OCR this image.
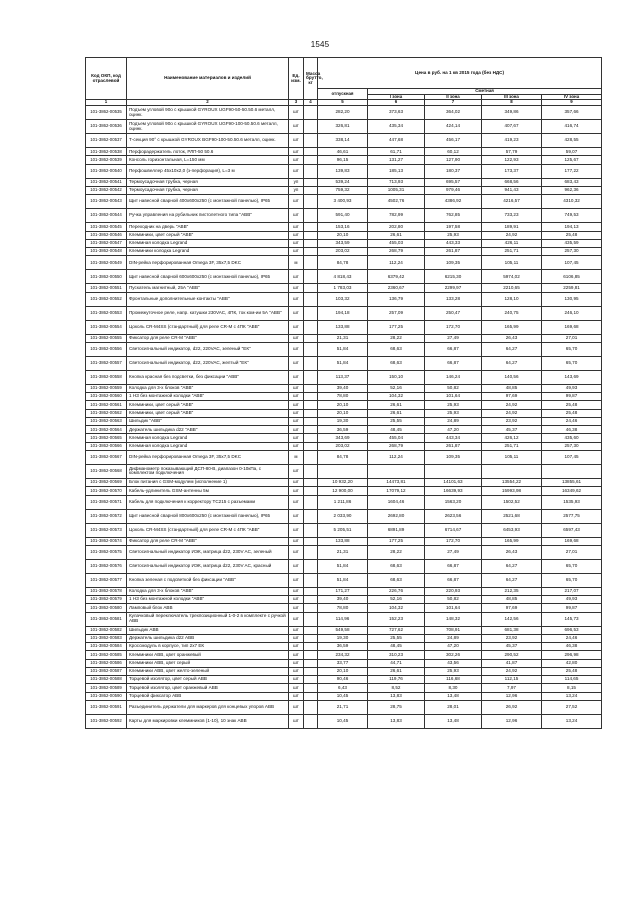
1545
Код ОКП, код отраслевой	Наименование материалов и изделий	Ед. изм.	Масса брутто, кг	Цена в руб. на 1 кв 2015 года (без НДС)				
				отпускная	Сметная			
					I зона	II зона	III зона	IV зона
1	2	3	4	5	6	7	8	9
101-3862-00535	Подъем угловой 90о с крышкой GYROUX UGF90-50-50.50.6 металл, оцинк.	шт		282,20	373,63	364,02	349,86	357,66
101-3862-00536	Подъем угловой 90о с крышкой GYROUX UGF90-100-50.50.6 металл, оцинк.	шт		326,81	435,34	424,14	407,67	416,74
101-3862-00537	Т-секция 90° с крышкой GYROUX BGF90-100-50.50.6 металл, оцинк.	шт		338,14	447,68	456,17	419,23	428,55
101-3862-00538	Перфорадержатель лоток, РЛП-50 50.6	шт		46,61	61,71	60,12	57,79	59,07
101-3862-00539	Консоль горизонтальная, L=150 мм	шт		96,15	131,27	127,90	122,93	125,67
101-3862-00540	Перфошвеллер 45х10х2,0 (з-перфорация), L=3 м	шт		139,83	185,13	180,37	173,37	177,22
101-3862-00541	Термоусадочная трубка, черная	уп		539,24	713,93	695,57	668,56	683,43
101-3862-00542	Термоусадочная трубка, черная	уп		759,32	1005,31	979,46	941,43	962,36
101-3862-00543	Щит навесной сварной 400х600х250 (с монтажной панелью), IP65	шт		3 400,93	4502,76	4386,92	4216,57	4310,32
101-3862-00544	Ручка управления на рубильник пистолетного типа "АВВ"	шт		591,40	782,99	762,85	733,23	749,53
101-3862-00545	Переходник на дверь "АВВ"	шт		153,16	202,80	197,58	189,91	194,13
101-3862-00546	Клеммники, цвет серый "АВВ"	шт		20,10	26,61	25,93	24,92	25,48
101-3862-00547	Клеммная колодка Legrand	шт		343,59	455,03	443,33	426,11	435,59
101-3862-00548	Клеммники колодка Legrand	шт		203,02	268,79	261,87	251,71	257,30
101-3862-00549	DIN-рейка перфорированная Omega 3F, 35х7,5 DKC	м		84,78	112,24	109,35	105,11	107,45
101-3862-00550	Щит навесной сварной 600х600х250 (с монтажной панелью), IP65	шт		4 818,43	6379,42	6215,30	5974,02	6106,85
101-3862-00551	Пускатель магнитный, 25А "АВВ"	шт		1 783,03	2360,67	2299,97	2210,65	2259,81
101-3862-00552	Фронтальные дополнительные контакты "АВВ"	шт		103,32	136,79	133,28	128,10	130,95
101-3862-00553	Промежуточное реле, напр. катушки 230VAC, 4ПК, ток ком-ии 5А "АВВ"	шт		194,18	257,09	250,47	240,75	246,10
101-3862-00554	Цоколь CR-M4SS (стандартный) для реле CR-M с 4ПК "АВВ"	шт		133,88	177,25	172,70	165,99	169,68
101-3862-00555	Фиксатор для реле CR-M "АВВ"	шт		21,31	28,22	27,49	26,43	27,01
101-3862-00556	Светосигнальный индикатор, d22, 220VAC, зеленый "ЕК"	шт		51,84	68,63	66,87	64,27	65,70
101-3862-00557	Светосигнальный индикатор, d22, 220VAC, желтый "ЕК"	шт		51,84	68,63	66,87	64,27	65,70
101-3862-00558	Кнопка красная без подсветки, без фиксации "АВВ"	шт		113,37	150,10	146,24	140,56	143,69
101-3862-00559	Колодка для 3-х блоков "АВВ"	шт		39,40	52,16	50,82	48,85	49,93
101-3862-00560	1 НЗ без монтажной колодки "АВВ"	шт		78,80	104,32	101,64	97,69	99,87
101-3862-00561	Клеммники, цвет серый "АВВ"	шт		20,10	26,61	25,93	24,92	25,48
101-3862-00562	Клеммники, цвет серый "АВВ"	шт		20,10	26,61	25,93	24,92	25,48
101-3862-00563	Шильдик "АВВ"	шт		19,30	25,55	24,89	23,92	24,46
101-3862-00564	Держатель шильдика d22 "АВВ"	шт		36,59	48,45	47,20	45,37	46,38
101-3862-00565	Клеммная колодка Legrand	шт		343,69	455,04	443,34	426,12	435,60
101-3862-00566	Клеммная колодка Legrand	шт		203,02	268,79	261,87	251,71	257,30
101-3862-00567	DIN-рейка перфорированная Omega 3F, 35х7,5 DKC	м		84,78	112,24	109,35	105,11	107,45
101-3862-00568	Дифманометр показывающий ДСП-80-В, диапазон 0-10кПа, с комплектом подключения	шт						
101-3862-00569	Блок питания с GSM-модулем (исполнение 1)	шт		10 932,20	14473,81	14101,63	13554,22	13855,61
101-3862-00570	Кабель-удлинитель GSM-антенны 5м	шт		12 900,00	17079,12	16639,93	15993,98	16349,62
101-3862-00571	Кабель для подключения к корректору ТС215 с разъемами	шт		1 211,86	1604,46	1563,20	1502,52	1535,93
101-3862-00572	Щит навесной сварной 800х600х250 (с монтажной панелью), IP65	шт		2 033,90	2692,80	2623,56	2521,68	2577,75
101-3862-00573	Цоколь CR-M4SS (стандартный) для реле CR-M с 4ПК "АВВ"	шт		5 205,51	6891,89	6714,67	6453,93	6597,43
101-3862-00574	Фиксатор для реле CR-M "АВВ"	шт		133,88	177,25	172,70	165,99	169,68
101-3862-00575	Светосигнальный индикатор ИЭК, матрица d22, 230V AC, зеленый	шт		21,31	28,22	27,49	26,43	27,01
101-3862-00576	Светосигнальный индикатор ИЭК, матрица d22, 230V AC, красный	шт		51,84	68,63	66,87	64,27	65,70
101-3862-00577	Кнопка зеленая с подсветкой без фиксации "АВВ"	шт		51,84	68,63	66,87	64,27	65,70
101-3862-00578	Колодка для 3-х блоков "АВВ"	шт		171,27	226,76	220,93	212,35	217,07
101-3862-00579	1 НЗ без монтажной колодки "АВВ"	шт		39,40	52,16	50,82	48,85	49,93
101-3862-00580	Ламповый блок АВВ	шт		78,80	104,32	101,64	97,69	99,87
101-3862-00581	Кулачковый переключатель трехпозиционный 1-0-2 в комплекте с ручкой АВВ	шт		114,96	152,23	148,32	142,56	145,73
101-3862-00582	Шильдик АВВ	шт		549,58	727,62	708,91	681,38	696,53
101-3862-00583	Держатель шильдика d22 АВВ	шт		19,30	25,55	24,89	23,92	24,46
101-3862-00584	Кроссмодуль в корпусе, тип 2х7 ЕК	шт		36,59	48,45	47,20	45,37	46,38
101-3862-00585	Клеммники АВВ, цвет оранжевый	шт		234,32	310,23	302,26	290,52	296,98
101-3862-00586	Клеммники АВВ, цвет серый	шт		33,77	44,71	43,56	41,87	42,80
101-3862-00587	Клеммники АВВ, цвет желто-зеленый	шт		20,10	26,61	25,93	24,92	25,48
101-3862-00588	Торцевой изолятор, цвет серый АВВ	шт		90,46	119,76	116,68	112,15	114,65
101-3862-00589	Торцевой изолятор, цвет оранжевый АВВ	шт		6,43	8,52	8,30	7,97	8,15
101-3862-00590	Торцевой фиксатор АВВ	шт		10,45	13,83	13,48	12,96	13,24
101-3862-00591	Разъединитель держатели для маркеров для концевых упоров АВВ	шт		21,71	28,75	28,01	26,92	27,52
101-3862-00592	Карты для маркировки клеммников (1-10), 10 знак АВВ	шт		10,45	13,83	13,48	12,96	13,24
